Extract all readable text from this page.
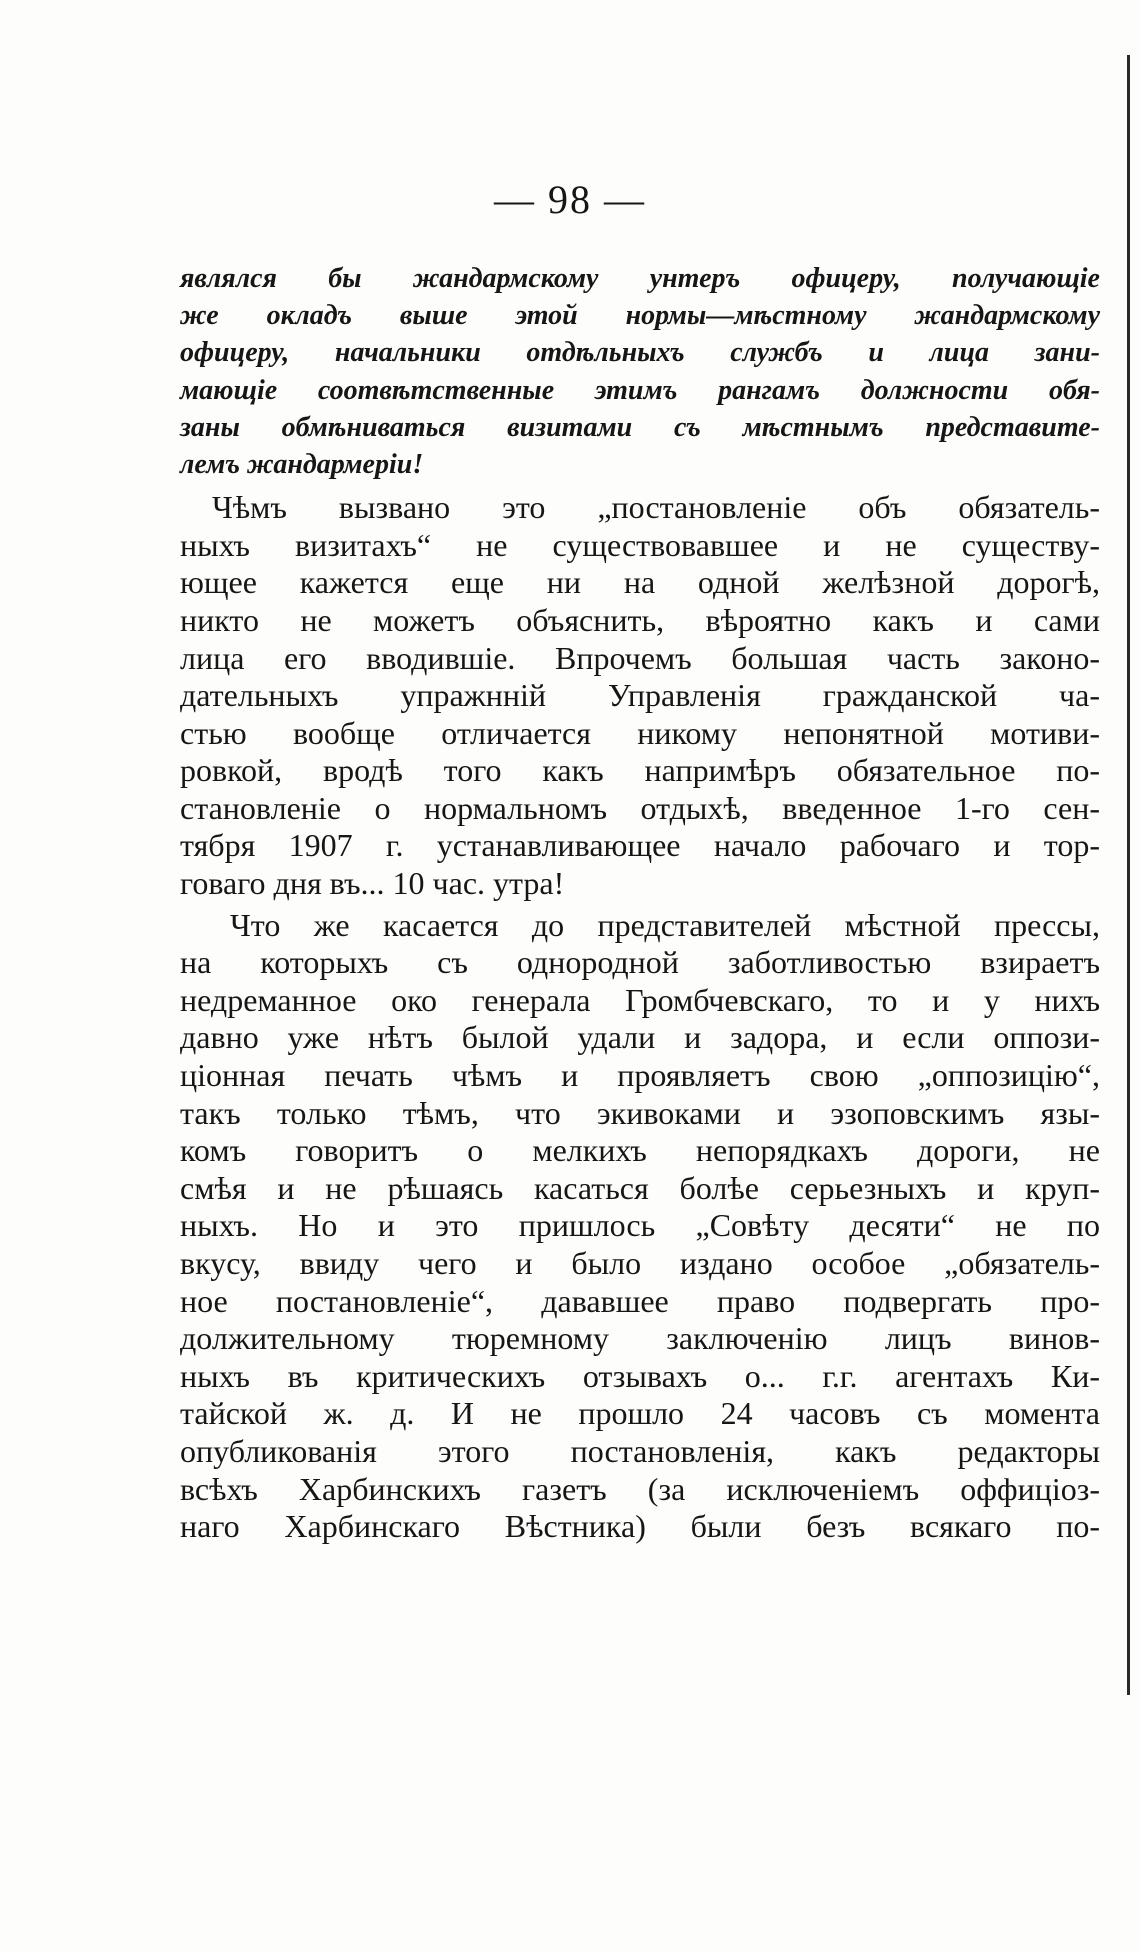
— 98 —
являлся бы жандармскому унтеръ офицеру, получающіе
же окладъ выше этой нормы—мѣстному жандармскому
офицеру, начальники отдѣльныхъ службъ и лица зани-
мающіе соотвѣтственные этимъ рангамъ должности обя-
заны обмѣниваться визитами съ мѣстнымъ представите-
лемъ жандармеріи!
Чѣмъ вызвано это „постановленіе объ обязатель-
ныхъ визитахъ“ не существовавшее и не существу-
ющее кажется еще ни на одной желѣзной дорогѣ,
никто не можетъ объяснить, вѣроятно какъ и сами
лица его вводившіе. Впрочемъ большая часть законо-
дательныхъ упражнній Управленія гражданской ча-
стью вообще отличается никому непонятной мотиви-
ровкой, вродѣ того какъ напримѣръ обязательное по-
становленіе о нормальномъ отдыхѣ, введенное 1-го сен-
тября 1907 г. устанавливающее начало рабочаго и тор-
говаго дня въ... 10 час. утра!
Что же касается до представителей мѣстной прессы,
на которыхъ съ однородной заботливостью взираетъ
недреманное око генерала Громбчевскаго, то и у нихъ
давно уже нѣтъ былой удали и задора, и если оппози-
ціонная печать чѣмъ и проявляетъ свою „оппозицію“,
такъ только тѣмъ, что экивоками и эзоповскимъ язы-
комъ говоритъ о мелкихъ непорядкахъ дороги, не
смѣя и не рѣшаясь касаться болѣе серьезныхъ и круп-
ныхъ. Но и это пришлось „Совѣту десяти“ не по
вкусу, ввиду чего и было издано особое „обязатель-
ное постановленіе“, дававшее право подвергать про-
должительному тюремному заключенію лицъ винов-
ныхъ въ критическихъ отзывахъ о... г.г. агентахъ Ки-
тайской ж. д. И не прошло 24 часовъ съ момента
опубликованія этого постановленія, какъ редакторы
всѣхъ Харбинскихъ газетъ (за исключеніемъ оффиціоз-
наго Харбинскаго Вѣстника) были безъ всякаго по-
